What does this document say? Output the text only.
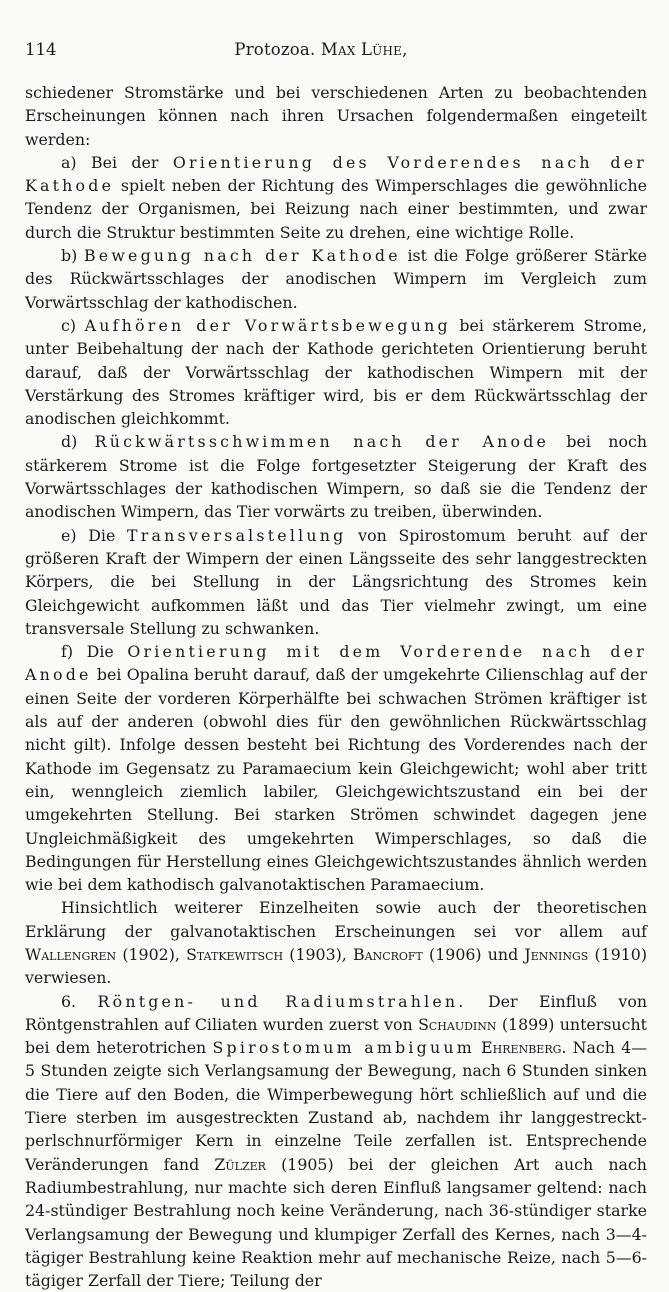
114	Protozoa. Max Lühe,

schiedener Stromstärke und bei verschiedenen Arten zu beobachtenden Erscheinungen können nach ihren Ursachen folgendermaßen eingeteilt werden:

a) Bei der Orientierung des Vorderendes nach der Kathode spielt neben der Richtung des Wimperschlages die gewöhnliche Tendenz der Organismen, bei Reizung nach einer bestimmten, und zwar durch die Struktur bestimmten Seite zu drehen, eine wichtige Rolle.

b) Bewegung nach der Kathode ist die Folge größerer Stärke des Rückwärtsschlages der anodischen Wimpern im Vergleich zum Vorwärtsschlag der kathodischen.

c) Aufhören der Vorwärtsbewegung bei stärkerem Strome, unter Beibehaltung der nach der Kathode gerichteten Orientierung beruht darauf, daß der Vorwärtsschlag der kathodischen Wimpern mit der Verstärkung des Stromes kräftiger wird, bis er dem Rückwärtsschlag der anodischen gleichkommt.

d) Rückwärtsschwimmen nach der Anode bei noch stärkerem Strome ist die Folge fortgesetzter Steigerung der Kraft des Vorwärtsschlages der kathodischen Wimpern, so daß sie die Tendenz der anodischen Wimpern, das Tier vorwärts zu treiben, überwinden.

e) Die Transversalstellung von Spirostomum beruht auf der größeren Kraft der Wimpern der einen Längsseite des sehr langgestreckten Körpers, die bei Stellung in der Längsrichtung des Stromes kein Gleichgewicht aufkommen läßt und das Tier vielmehr zwingt, um eine transversale Stellung zu schwanken.

f) Die Orientierung mit dem Vorderende nach der Anode bei Opalina beruht darauf, daß der umgekehrte Cilienschlag auf der einen Seite der vorderen Körperhälfte bei schwachen Strömen kräftiger ist als auf der anderen (obwohl dies für den gewöhnlichen Rückwärtsschlag nicht gilt). Infolge dessen besteht bei Richtung des Vorderendes nach der Kathode im Gegensatz zu Paramaecium kein Gleichgewicht; wohl aber tritt ein, wenngleich ziemlich labiler, Gleichgewichtszustand ein bei der umgekehrten Stellung. Bei starken Strömen schwindet dagegen jene Ungleichmäßigkeit des umgekehrten Wimperschlages, so daß die Bedingungen für Herstellung eines Gleichgewichtszustandes ähnlich werden wie bei dem kathodisch galvanotaktischen Paramaecium.

Hinsichtlich weiterer Einzelheiten sowie auch der theoretischen Erklärung der galvanotaktischen Erscheinungen sei vor allem auf Wallengren (1902), Statkewitsch (1903), Bancroft (1906) und Jennings (1910) verwiesen.

6. Röntgen- und Radiumstrahlen. Der Einfluß von Röntgenstrahlen auf Ciliaten wurden zuerst von Schaudinn (1899) untersucht bei dem heterotrichen Spirostomum ambiguum Ehrenberg. Nach 4—5 Stunden zeigte sich Verlangsamung der Bewegung, nach 6 Stunden sinken die Tiere auf den Boden, die Wimperbewegung hört schließlich auf und die Tiere sterben im ausgestreckten Zustand ab, nachdem ihr langgestreckt-perlschnurförmiger Kern in einzelne Teile zerfallen ist. Entsprechende Veränderungen fand Zülzer (1905) bei der gleichen Art auch nach Radiumbestrahlung, nur machte sich deren Einfluß langsamer geltend: nach 24-stündiger Bestrahlung noch keine Veränderung, nach 36-stündiger starke Verlangsamung der Bewegung und klumpiger Zerfall des Kernes, nach 3—4-tägiger Bestrahlung keine Reaktion mehr auf mechanische Reize, nach 5—6-tägiger Zerfall der Tiere; Teilung der
